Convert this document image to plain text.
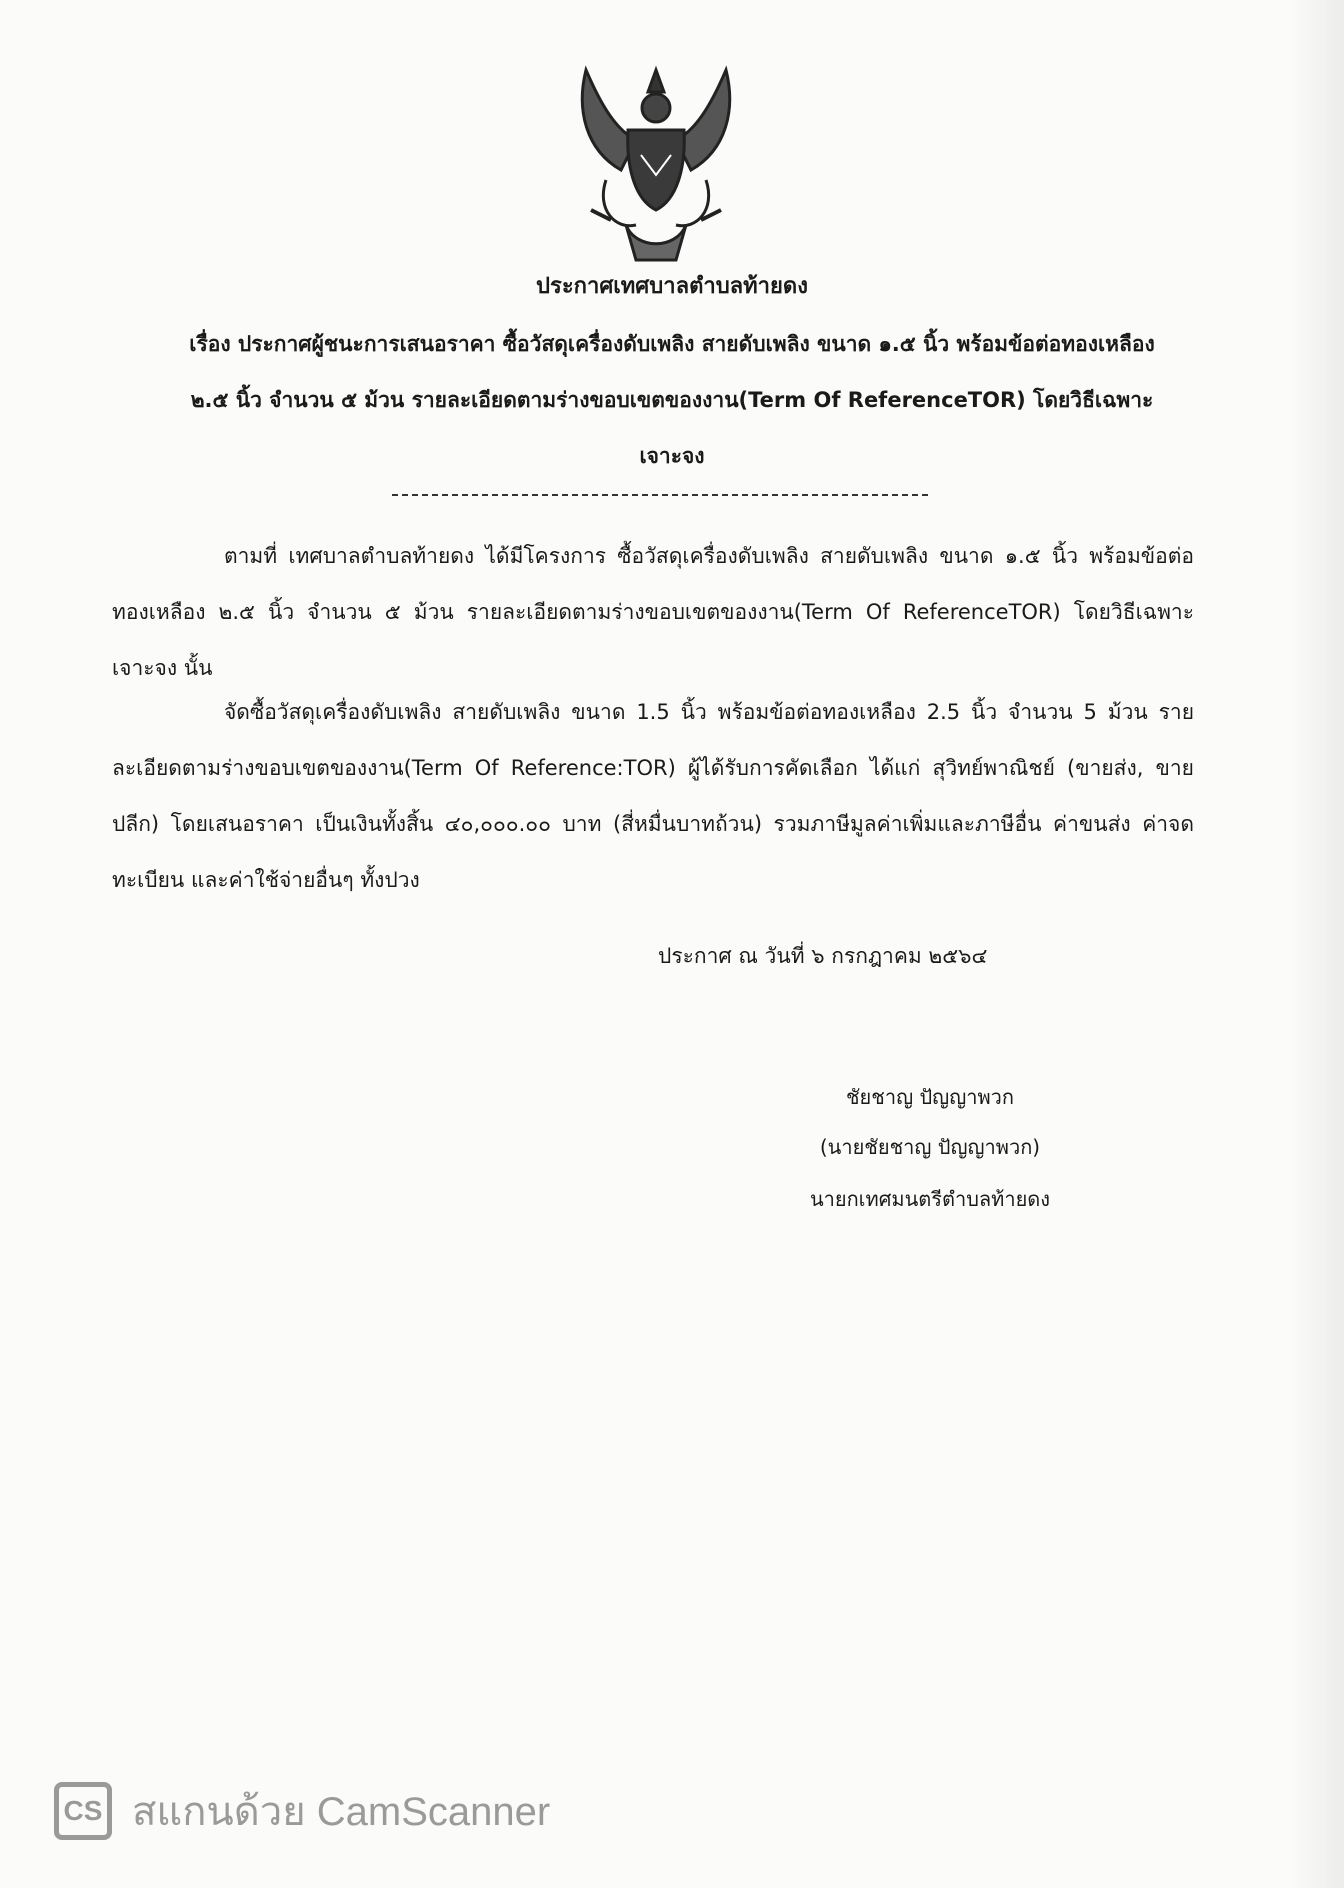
ประกาศเทศบาลตำบลท้ายดง
เรื่อง ประกาศผู้ชนะการเสนอราคา ซื้อวัสดุเครื่องดับเพลิง สายดับเพลิง ขนาด ๑.๕ นิ้ว พร้อมข้อต่อทองเหลือง
๒.๕ นิ้ว จำนวน ๕ ม้วน รายละเอียดตามร่างขอบเขตของงาน(Term Of ReferenceTOR) โดยวิธีเฉพาะ
เจาะจง
ตามที่ เทศบาลตำบลท้ายดง ได้มีโครงการ ซื้อวัสดุเครื่องดับเพลิง สายดับเพลิง ขนาด ๑.๕ นิ้ว พร้อมข้อต่อทองเหลือง ๒.๕ นิ้ว จำนวน ๕ ม้วน รายละเอียดตามร่างขอบเขตของงาน(Term Of ReferenceTOR) โดยวิธีเฉพาะเจาะจง นั้น
จัดซื้อวัสดุเครื่องดับเพลิง สายดับเพลิง ขนาด 1.5 นิ้ว พร้อมข้อต่อทองเหลือง 2.5 นิ้ว จำนวน 5 ม้วน รายละเอียดตามร่างขอบเขตของงาน(Term Of Reference:TOR) ผู้ได้รับการคัดเลือก ได้แก่ สุวิทย์พาณิชย์ (ขายส่ง, ขายปลีก) โดยเสนอราคา เป็นเงินทั้งสิ้น ๔๐,๐๐๐.๐๐ บาท (สี่หมื่นบาทถ้วน) รวมภาษีมูลค่าเพิ่มและภาษีอื่น ค่าขนส่ง ค่าจดทะเบียน และค่าใช้จ่ายอื่นๆ ทั้งปวง
ประกาศ ณ วันที่ ๖ กรกฎาคม ๒๕๖๔
ชัยชาญ ปัญญาพวก
(นายชัยชาญ ปัญญาพวก)
นายกเทศมนตรีตำบลท้ายดง
CS สแกนด้วย CamScanner
